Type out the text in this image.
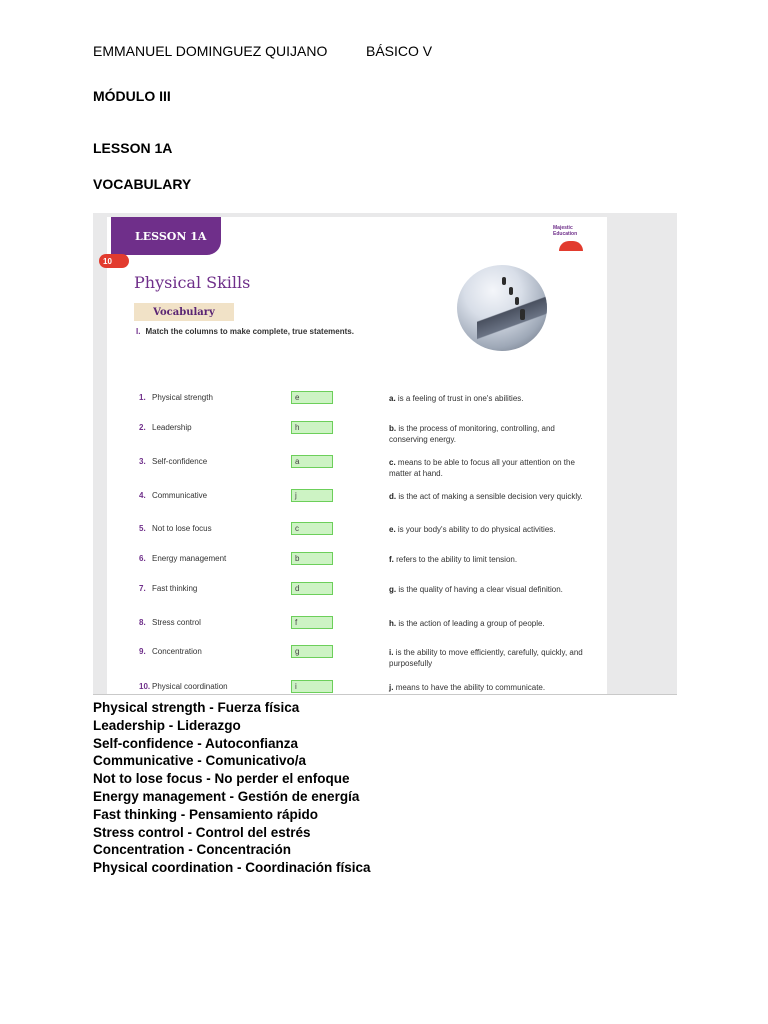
EMMANUEL DOMINGUEZ QUIJANO	BÁSICO V
MÓDULO III
LESSON 1A
VOCABULARY
LESSON 1A
10
Majestic Education
Physical Skills
Vocabulary
I. Match the columns to make complete, true statements.
1. Physical strength	e	a. is a feeling of trust in one's abilities.
2. Leadership	h	b. is the process of monitoring, controlling, and conserving energy.
3. Self-confidence	a	c. means to be able to focus all your attention on the matter at hand.
4. Communicative	j	d. is the act of making a sensible decision very quickly.
5. Not to lose focus	c	e. is your body's ability to do physical activities.
6. Energy management	b	f. refers to the ability to limit tension.
7. Fast thinking	d	g. is the quality of having a clear visual definition.
8. Stress control	f	h. is the action of leading a group of people.
9. Concentration	g	i. is the ability to move efficiently, carefully, quickly, and purposefully
10. Physical coordination	i	j. means to have the ability to communicate.
Physical strength - Fuerza física
Leadership - Liderazgo
Self-confidence - Autoconfianza
Communicative - Comunicativo/a
Not to lose focus - No perder el enfoque
Energy management - Gestión de energía
Fast thinking - Pensamiento rápido
Stress control - Control del estrés
Concentration - Concentración
Physical coordination - Coordinación física
